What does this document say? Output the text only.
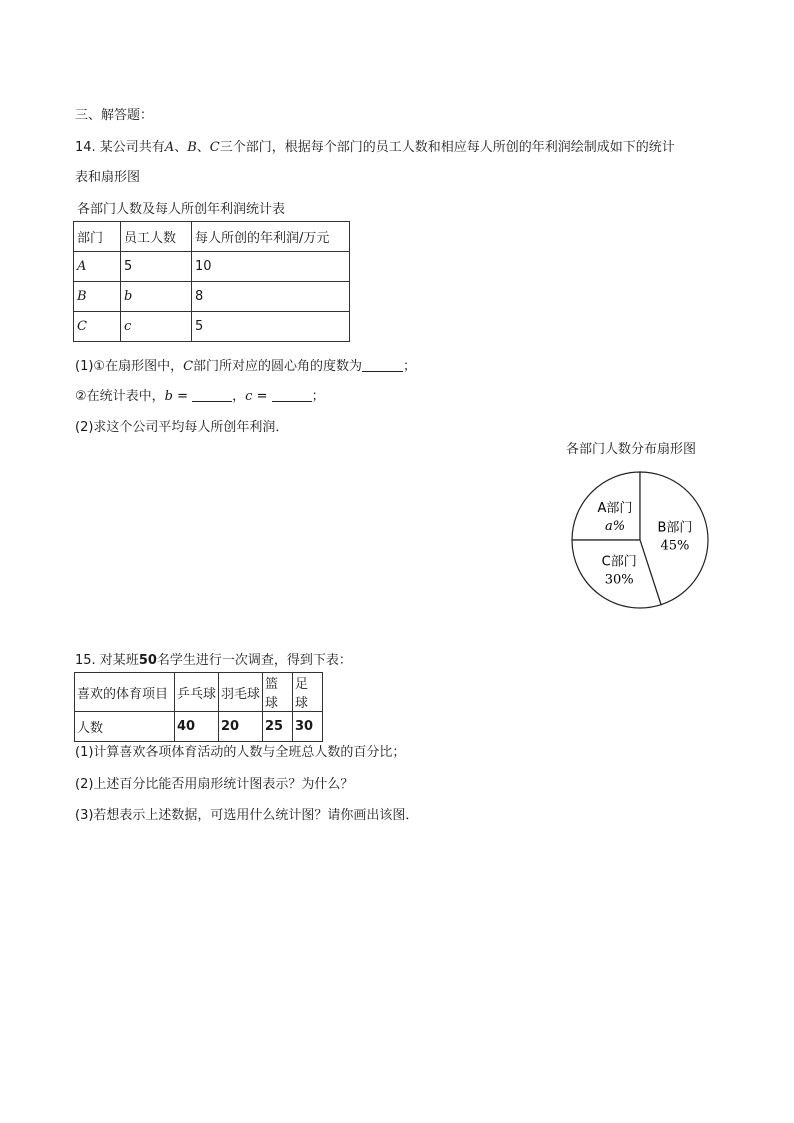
三、解答题：
14. 某公司共有A、B、C三个部门，根据每个部门的员工人数和相应每人所创的年利润绘制成如下的统计
表和扇形图
各部门人数及每人所创年利润统计表
部门	员工人数	每人所创的年利润/万元
A	5	10
B	b	8
C	c	5
(1)①在扇形图中，C部门所对应的圆心角的度数为	；
②在统计表中，b =	，c =	；
(2)求这个公司平均每人所创年利润．
各部门人数分布扇形图
A部门
a% B部门
45%
C部门
30%
15. 对某班50名学生进行一次调查，得到下表：
喜欢的体育项目	乒乓球	羽毛球	篮球	足球
人数	40	20	25	30
(1)计算喜欢各项体育活动的人数与全班总人数的百分比；
(2)上述百分比能否用扇形统计图表示？为什么？
(3)若想表示上述数据，可选用什么统计图？请你画出该图．
